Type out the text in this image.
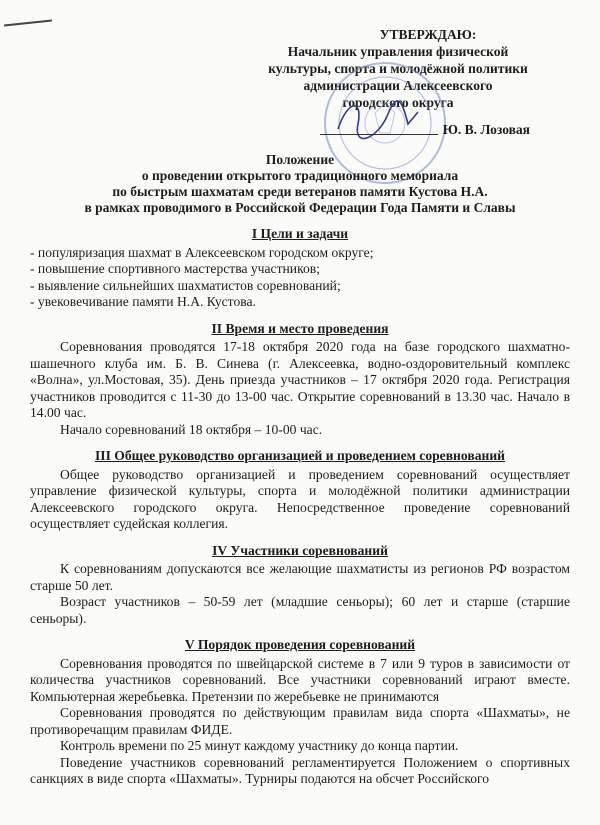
УТВЕРЖДАЮ:
Начальник управления физической
культуры, спорта и молодёжной политики
администрации Алексеевского
городского округа
Ю. В. Лозовая
Положение
о проведении открытого традиционного мемориала
по быстрым шахматам среди ветеранов памяти Кустова Н.А.
в рамках проводимого в Российской Федерации Года Памяти и Славы
I Цели и задачи

- популяризация шахмат в Алексеевском городском округе;

- повышение спортивного мастерства участников;

- выявление сильнейших шахматистов соревнований;

- увековечивание памяти Н.А. Кустова.

II Время и место проведения

Соревнования проводятся 17-18 октября 2020 года на базе городского шахматно-шашечного клуба им. Б. В. Синева (г. Алексеевка, водно-оздоровительный комплекс «Волна», ул.Мостовая, 35). День приезда участников – 17 октября 2020 года. Регистрация участников проводится с 11-30 до 13-00 час. Открытие соревнований в 13.30 час. Начало в 14.00 час.

Начало соревнований 18 октября – 10-00 час.

III Общее руководство организацией и проведением соревнований

Общее руководство организацией и проведением соревнований осуществляет управление физической культуры, спорта и молодёжной политики администрации Алексеевского городского округа. Непосредственное проведение соревнований осуществляет судейская коллегия.

IV Участники соревнований

К соревнованиям допускаются все желающие шахматисты из регионов РФ возрастом старше 50 лет.

Возраст участников – 50-59 лет (младшие сеньоры); 60 лет и старше (старшие сеньоры).

V Порядок проведения соревнований

Соревнования проводятся по швейцарской системе в 7 или 9 туров в зависимости от количества участников соревнований. Все участники соревнований играют вместе. Компьютерная жеребьевка. Претензии по жеребьевке не принимаются

Соревнования проводятся по действующим правилам вида спорта «Шахматы», не противоречащим правилам ФИДЕ.

Контроль времени по 25 минут каждому участнику до конца партии.

Поведение участников соревнований регламентируется Положением о спортивных санкциях в виде спорта «Шахматы». Турниры подаются на обсчет Российского
